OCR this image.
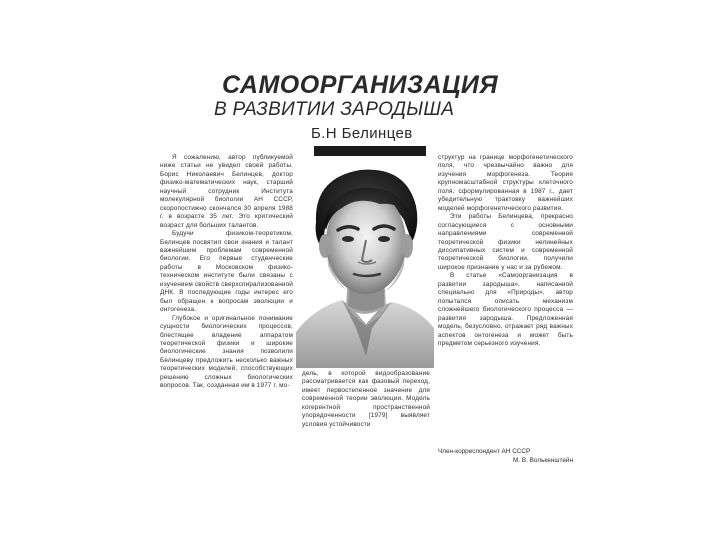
САМООРГАНИЗАЦИЯ
В РАЗВИТИИ ЗАРОДЫША
Б.Н Белинцев

Я сожалению, автор публикуемой ниже статьи не увидел своей работы. Борис Николаевич Белинцев, доктор физико-математических наук, старший научный сотрудник Института молекулярной биологии АН СССР, скоропостижно скончался 30 апреля 1988 г. в возрасте 35 лет. Это критический возраст для больших талантов.

Будучи физиком-теоретиком, Белинцев посвятил свои знания и талант важнейшим проблемам современной биологии. Его первые студенческие работы в Московском физико-техническом институте были связаны с изучением свойств сверхспирализованной ДНК. В последующие годы интерес его был обращен к вопросам эволюции и онтогенеза.

Глубокое и оригинальное понимание сущности биологических процессов, блестящее владение аппаратом теоретической физики и широкие биологические знания позволили Белинцеву предложить несколько важных теоретических моделей, способствующих решению сложных биологических вопросов. Так, созданная им в 1977 г. мо-

дель, в которой видообразование рассматривается как фазовый переход, имеет первостепенное значение для современной теории эволюции. Модель когерентной пространственной упорядоченности [1979] выявляет условия устойчивости

структур на границе морфогенетического поля, что чрезвычайно важно для изучения морфогенеза. Теория крупномасштабной структуры клеточного поля, сформулированная в 1987 г., дает убедительную трактовку важнейших моделей морфогенетического развития.

Эти работы Белинцева, прекрасно согласующиеся с основными направлениями современной теоретической физики нелинейных диссипативных систем и современной теоретической биологии, получили широкое признание у нас и за рубежом.

В статье «Самоорганизация в развитии зародыша», написанной специально для «Природы», автор попытался описать механизм сложнейшего биологического процесса — развития зародыша. Предложенная модель, безусловно, отражает ряд важных аспектов онтогенеза и может быть предметом серьезного изучения.

Член-корреспондент АН СССР
М. В. Волькенштейн
